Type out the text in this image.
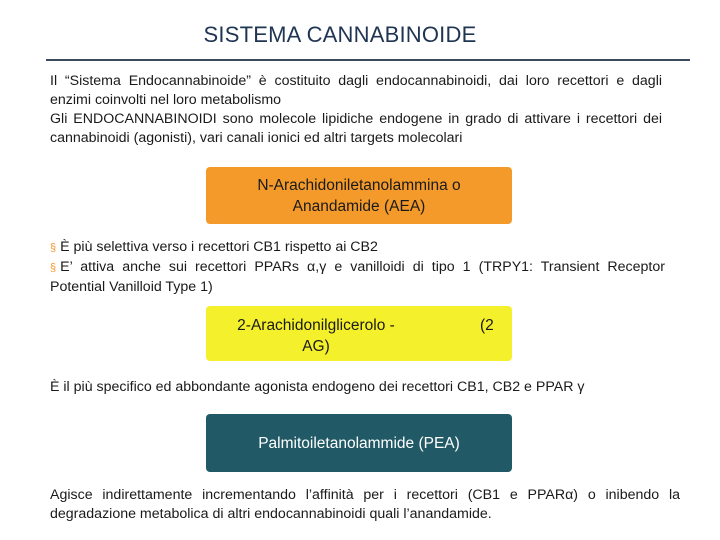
SISTEMA CANNABINOIDE
Il “Sistema Endocannabinoide” è costituito dagli endocannabinoidi, dai loro recettori e dagli enzimi coinvolti nel loro metabolismo
Gli ENDOCANNABINOIDI sono molecole lipidiche endogene in grado di attivare i recettori dei cannabinoidi (agonisti), vari canali ionici ed altri targets molecolari
N-Arachidoniletanolammina o
Anandamide (AEA)
§ È più selettiva verso i recettori CB1 rispetto ai CB2
§ E’ attiva anche sui recettori PPARs α,γ e vanilloidi di tipo 1 (TRPY1: Transient Receptor Potential Vanilloid Type 1)
2-Arachidonilglicerolo -AG)
(2
È il più specifico ed abbondante agonista endogeno dei recettori CB1, CB2 e PPAR γ
Palmitoiletanolammide (PEA)
Agisce indirettamente incrementando l’affinità per i recettori (CB1 e PPARα) o inibendo la degradazione metabolica di altri endocannabinoidi quali l’anandamide.
